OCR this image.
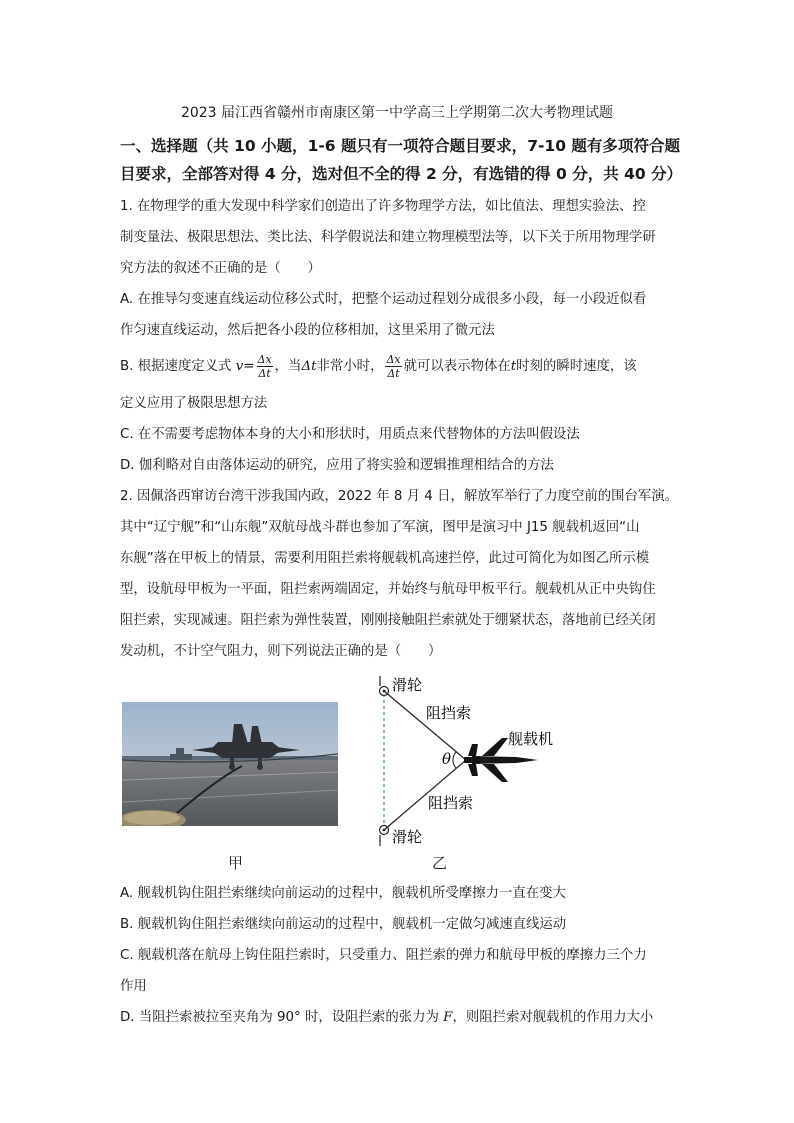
2023 届江西省赣州市南康区第一中学高三上学期第二次大考物理试题
一、选择题（共 10 小题，1-6 题只有一项符合题目要求，7-10 题有多项符合题
目要求，全部答对得 4 分，选对但不全的得 2 分，有选错的得 0 分，共 40 分）
1. 在物理学的重大发现中科学家们创造出了许多物理学方法，如比值法、理想实验法、控
制变量法、极限思想法、类比法、科学假说法和建立物理模型法等，以下关于所用物理学研
究方法的叙述不正确的是（　　）
A. 在推导匀变速直线运动位移公式时，把整个运动过程划分成很多小段，每一小段近似看
作匀速直线运动，然后把各小段的位移相加，这里采用了微元法
B. 根据速度定义式 $v= \frac{\Delta x}{\Delta t}$ ，当Δt非常小时， $\frac{\Delta x}{\Delta t}$ 就可以表示物体在t时刻的瞬时速度，该
定义应用了极限思想方法
C. 在不需要考虑物体本身的大小和形状时，用质点来代替物体的方法叫假设法
D. 伽利略对自由落体运动的研究，应用了将实验和逻辑推理相结合的方法
2. 因佩洛西窜访台湾干涉我国内政，2022 年 8 月 4 日，解放军举行了力度空前的围台军演。
其中“辽宁舰”和“山东舰”双航母战斗群也参加了军演，图甲是演习中 J15 舰载机返回“山
东舰”落在甲板上的情景，需要利用阻拦索将舰载机高速拦停，此过可简化为如图乙所示模
型，设航母甲板为一平面，阻拦索两端固定，并始终与航母甲板平行。舰载机从正中央钩住
阻拦索，实现减速。阻拦索为弹性装置，刚刚接触阻拦索就处于绷紧状态，落地前已经关闭
发动机，不计空气阻力，则下列说法正确的是（　　）
甲
滑轮
滑轮
阻挡索
阻挡索
舰载机
θ
乙
A. 舰载机钩住阻拦索继续向前运动的过程中，舰载机所受摩擦力一直在变大
B. 舰载机钩住阻拦索继续向前运动的过程中，舰载机一定做匀减速直线运动
C. 舰载机落在航母上钩住阻拦索时，只受重力、阻拦索的弹力和航母甲板的摩擦力三个力
作用
D. 当阻拦索被拉至夹角为 90° 时，设阻拦索的张力为 F，则阻拦索对舰载机的作用力大小
